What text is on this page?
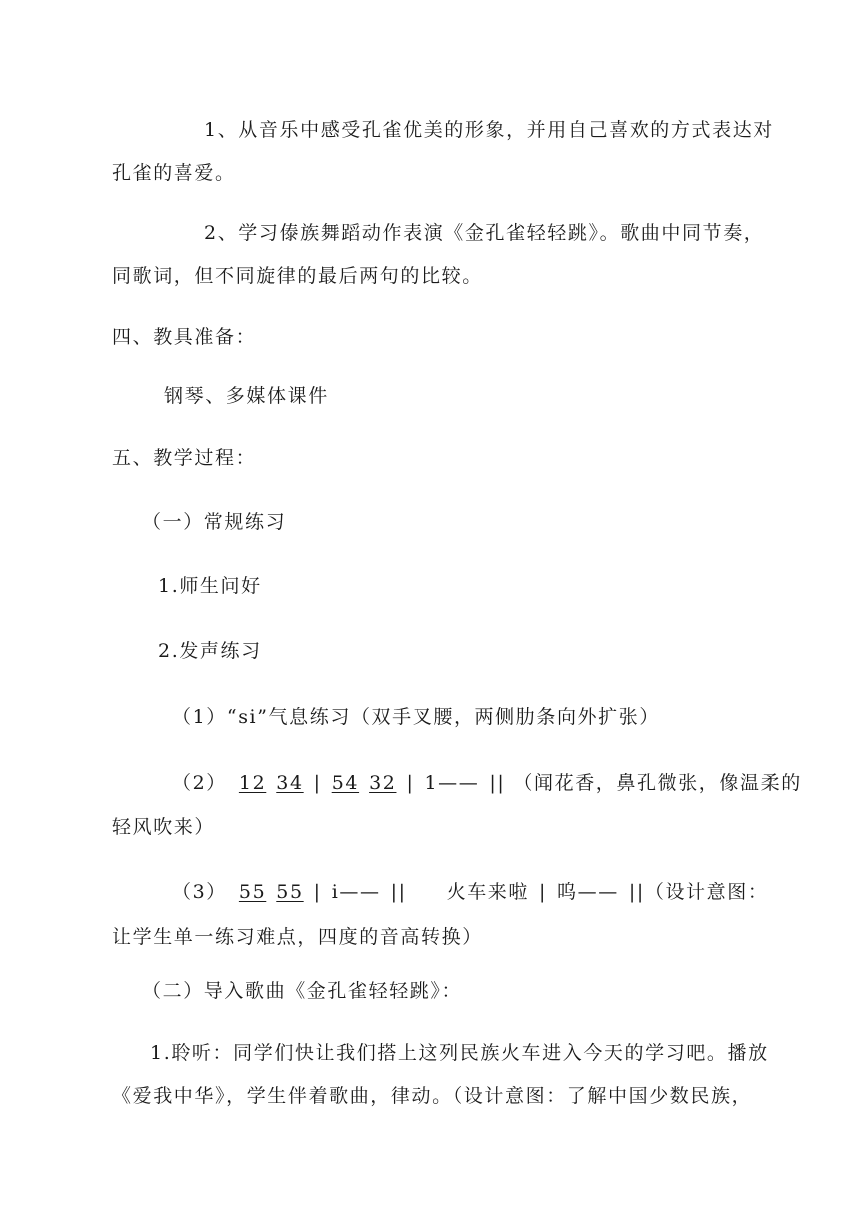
1、从音乐中感受孔雀优美的形象，并用自己喜欢的方式表达对
孔雀的喜爱。
2、学习傣族舞蹈动作表演《金孔雀轻轻跳》。歌曲中同节奏，
同歌词，但不同旋律的最后两句的比较。
四、教具准备：
钢琴、多媒体课件
五、教学过程：
（一）常规练习
1.师生问好
2.发声练习
（1）“si”气息练习（双手叉腰，两侧肋条向外扩张）
（2） 12 34 | 54 32 | 1—— || （闻花香，鼻孔微张，像温柔的
轻风吹来）
（3） 55 55 | i—— || 火车来啦 | 呜—— ||（设计意图：
让学生单一练习难点，四度的音高转换）
（二）导入歌曲《金孔雀轻轻跳》：
1.聆听：同学们快让我们搭上这列民族火车进入今天的学习吧。播放
《爱我中华》，学生伴着歌曲，律动。（设计意图：了解中国少数民族，
